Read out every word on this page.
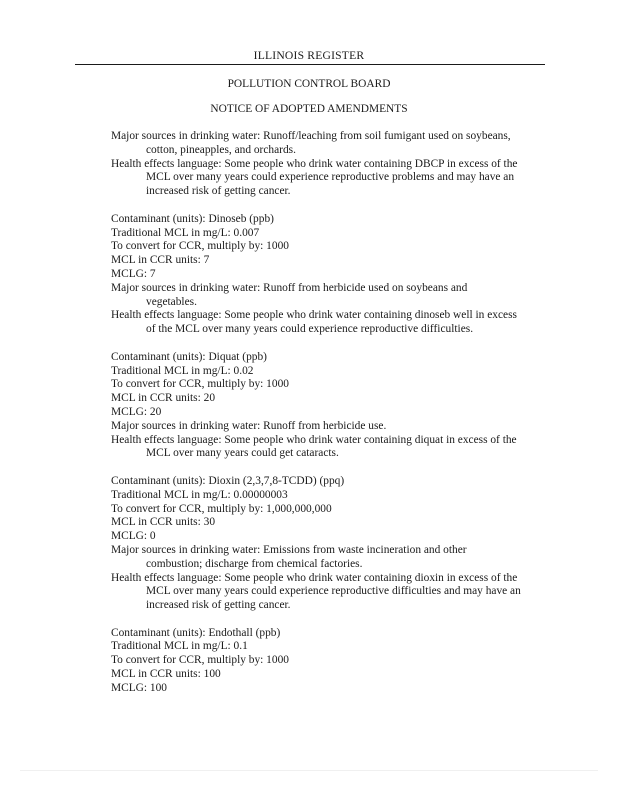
ILLINOIS REGISTER
POLLUTION CONTROL BOARD
NOTICE OF ADOPTED AMENDMENTS
Major sources in drinking water: Runoff/leaching from soil fumigant used on soybeans,
cotton, pineapples, and orchards.
Health effects language: Some people who drink water containing DBCP in excess of the
MCL over many years could experience reproductive problems and may have an
increased risk of getting cancer.
Contaminant (units): Dinoseb (ppb)
Traditional MCL in mg/L: 0.007
To convert for CCR, multiply by: 1000
MCL in CCR units: 7
MCLG: 7
Major sources in drinking water: Runoff from herbicide used on soybeans and
vegetables.
Health effects language: Some people who drink water containing dinoseb well in excess
of the MCL over many years could experience reproductive difficulties.
Contaminant (units): Diquat (ppb)
Traditional MCL in mg/L: 0.02
To convert for CCR, multiply by: 1000
MCL in CCR units: 20
MCLG: 20
Major sources in drinking water: Runoff from herbicide use.
Health effects language: Some people who drink water containing diquat in excess of the
MCL over many years could get cataracts.
Contaminant (units): Dioxin (2,3,7,8-TCDD) (ppq)
Traditional MCL in mg/L: 0.00000003
To convert for CCR, multiply by: 1,000,000,000
MCL in CCR units: 30
MCLG: 0
Major sources in drinking water: Emissions from waste incineration and other
combustion; discharge from chemical factories.
Health effects language: Some people who drink water containing dioxin in excess of the
MCL over many years could experience reproductive difficulties and may have an
increased risk of getting cancer.
Contaminant (units): Endothall (ppb)
Traditional MCL in mg/L: 0.1
To convert for CCR, multiply by: 1000
MCL in CCR units: 100
MCLG: 100
